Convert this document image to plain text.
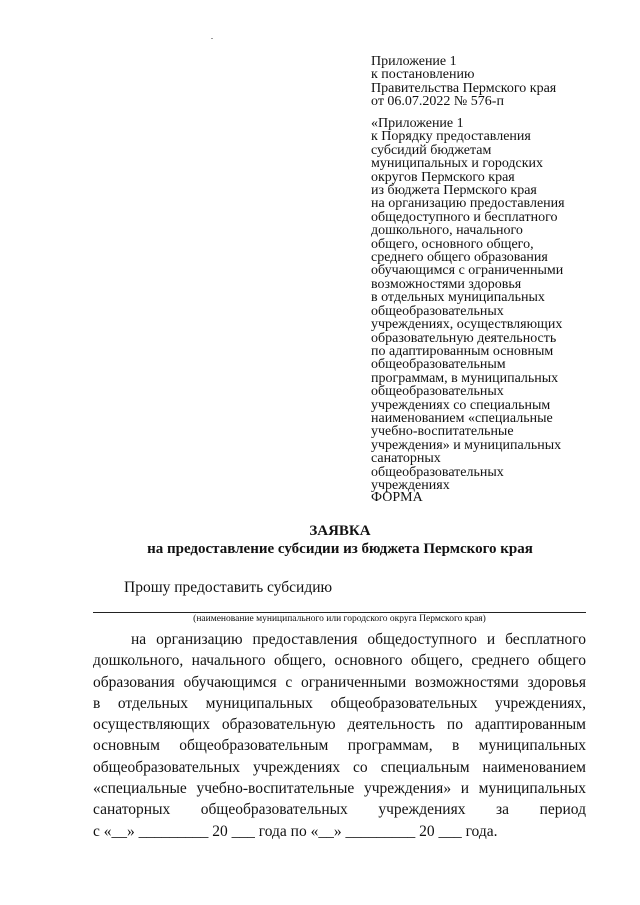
Приложение 1
к постановлению
Правительства Пермского края
от 06.07.2022 № 576-п
«Приложение 1
к Порядку предоставления
субсидий бюджетам
муниципальных и городских
округов Пермского края
из бюджета Пермского края
на организацию предоставления
общедоступного и бесплатного
дошкольного, начального
общего, основного общего,
среднего общего образования
обучающимся с ограниченными
возможностями здоровья
в отдельных муниципальных
общеобразовательных
учреждениях, осуществляющих
образовательную деятельность
по адаптированным основным
общеобразовательным
программам, в муниципальных
общеобразовательных
учреждениях со специальным
наименованием «специальные
учебно-воспитательные
учреждения» и муниципальных
санаторных
общеобразовательных
учреждениях
ФОРМА
ЗАЯВКА
на предоставление субсидии из бюджета Пермского края
Прошу предоставить субсидию
(наименование муниципального или городского округа Пермского края)
на организацию предоставления общедоступного и бесплатного
дошкольного, начального общего, основного общего, среднего общего
образования обучающимся с ограниченными возможностями здоровья
в отдельных муниципальных общеобразовательных учреждениях,
осуществляющих образовательную деятельность по адаптированным
основным общеобразовательным программам, в муниципальных
общеобразовательных учреждениях со специальным наименованием
«специальные учебно-воспитательные учреждения» и муниципальных
санаторных общеобразовательных учреждениях за период
с «__» _________ 20 ___ года по «__» _________ 20 ___ года.
